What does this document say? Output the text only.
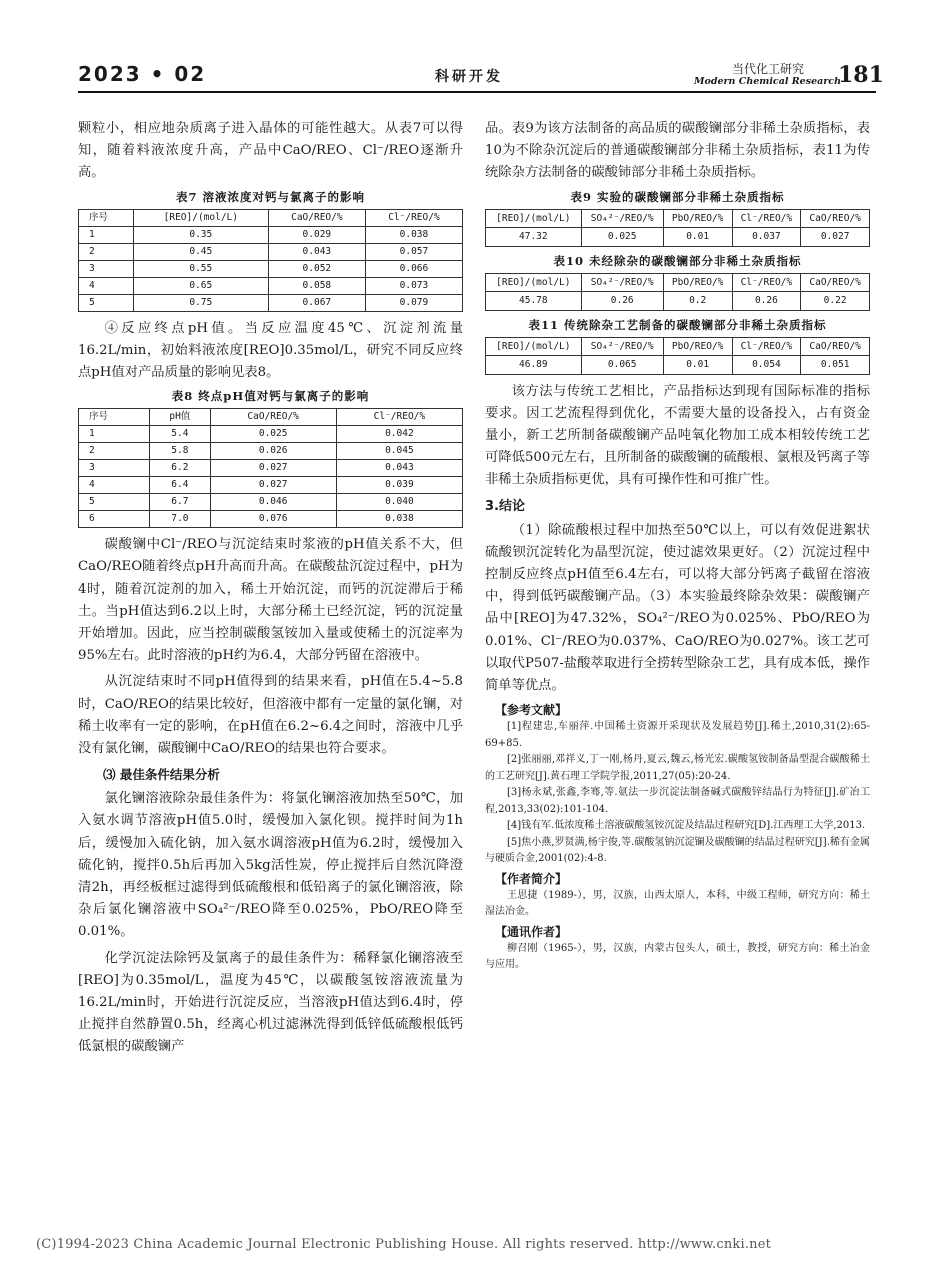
2023 • 02	科研开发	当代化工研究
Modern Chemical Research
181

颗粒小，相应地杂质离子进入晶体的可能性越大。从表7可以得知，随着料液浓度升高，产品中CaO/REO、Cl⁻/REO逐渐升高。

表7 溶液浓度对钙与氯离子的影响
序号	[REO]/(mol/L)	CaO/REO/%	Cl⁻/REO/%
1	0.35	0.029	0.038
2	0.45	0.043	0.057
3	0.55	0.052	0.066
4	0.65	0.058	0.073
5	0.75	0.067	0.079

④反应终点pH值。当反应温度45℃、沉淀剂流量16.2L/min，初始料液浓度[REO]0.35mol/L，研究不同反应终点pH值对产品质量的影响见表8。

表8 终点pH值对钙与氯离子的影响
序号	pH值	CaO/REO/%	Cl⁻/REO/%
1	5.4	0.025	0.042
2	5.8	0.026	0.045
3	6.2	0.027	0.043
4	6.4	0.027	0.039
5	6.7	0.046	0.040
6	7.0	0.076	0.038

碳酸镧中Cl⁻/REO与沉淀结束时浆液的pH值关系不大，但CaO/REO随着终点pH升高而升高。在碳酸盐沉淀过程中，pH为4时，随着沉淀剂的加入，稀土开始沉淀，而钙的沉淀滞后于稀土。当pH值达到6.2以上时，大部分稀土已经沉淀，钙的沉淀量开始增加。因此，应当控制碳酸氢铵加入量或使稀土的沉淀率为95%左右。此时溶液的pH约为6.4，大部分钙留在溶液中。

从沉淀结束时不同pH值得到的结果来看，pH值在5.4~5.8时，CaO/REO的结果比较好，但溶液中都有一定量的氯化镧，对稀土收率有一定的影响，在pH值在6.2~6.4之间时，溶液中几乎没有氯化镧，碳酸镧中CaO/REO的结果也符合要求。

⑶ 最佳条件结果分析

氯化镧溶液除杂最佳条件为：将氯化镧溶液加热至50℃，加入氨水调节溶液pH值5.0时，缓慢加入氯化钡。搅拌时间为1h后，缓慢加入硫化钠，加入氨水调溶液pH值为6.2时，缓慢加入硫化钠，搅拌0.5h后再加入5kg活性炭，停止搅拌后自然沉降澄清2h，再经板框过滤得到低硫酸根和低铅离子的氯化镧溶液，除杂后氯化镧溶液中SO₄²⁻/REO降至0.025%，PbO/REO降至0.01%。

化学沉淀法除钙及氯离子的最佳条件为：稀释氯化镧溶液至[REO]为0.35mol/L，温度为45℃，以碳酸氢铵溶液流量为16.2L/min时，开始进行沉淀反应，当溶液pH值达到6.4时，停止搅拌自然静置0.5h，经离心机过滤淋洗得到低锌低硫酸根低钙低氯根的碳酸镧产

品。表9为该方法制备的高品质的碳酸镧部分非稀土杂质指标，表10为不除杂沉淀后的普通碳酸镧部分非稀土杂质指标，表11为传统除杂方法制备的碳酸铈部分非稀土杂质指标。

表9 实验的碳酸镧部分非稀土杂质指标
[REO]/(mol/L)	SO₄²⁻/REO/%	PbO/REO/%	Cl⁻/REO/%	CaO/REO/%
47.32	0.025	0.01	0.037	0.027
表10 未经除杂的碳酸镧部分非稀土杂质指标
[REO]/(mol/L)	SO₄²⁻/REO/%	PbO/REO/%	Cl⁻/REO/%	CaO/REO/%
45.78	0.26	0.2	0.26	0.22
表11 传统除杂工艺制备的碳酸镧部分非稀土杂质指标
[REO]/(mol/L)	SO₄²⁻/REO/%	PbO/REO/%	Cl⁻/REO/%	CaO/REO/%
46.89	0.065	0.01	0.054	0.051

该方法与传统工艺相比，产品指标达到现有国际标准的指标要求。因工艺流程得到优化，不需要大量的设备投入，占有资金量小，新工艺所制备碳酸镧产品吨氧化物加工成本相较传统工艺可降低500元左右，且所制备的碳酸镧的硫酸根、氯根及钙离子等非稀土杂质指标更优，具有可操作性和可推广性。

3.结论

（1）除硫酸根过程中加热至50℃以上，可以有效促进絮状硫酸钡沉淀转化为晶型沉淀，使过滤效果更好。（2）沉淀过程中控制反应终点pH值至6.4左右，可以将大部分钙离子截留在溶液中，得到低钙碳酸镧产品。（3）本实验最终除杂效果：碳酸镧产品中[REO]为47.32%，SO₄²⁻/REO为0.025%、PbO/REO为0.01%、Cl⁻/REO为0.037%、CaO/REO为0.027%。该工艺可以取代P507-盐酸萃取进行全捞转型除杂工艺，具有成本低，操作简单等优点。

【参考文献】

[1]程建忠,车丽萍.中国稀土资源开采现状及发展趋势[J].稀土,2010,31(2):65-69+85.

[2]张丽丽,邓祥义,丁一刚,杨丹,夏云,魏云,杨光宏.碳酸氢铵制备晶型混合碳酸稀土的工艺研究[J].黄石理工学院学报,2011,27(05):20-24.

[3]杨永斌,张鑫,李骞,等.氨法一步沉淀法制备碱式碳酸锌结晶行为特征[J].矿冶工程,2013,33(02):101-104.

[4]钱有军.低浓度稀土溶液碳酸氢铵沉淀及结晶过程研究[D].江西理工大学,2013.

[5]焦小燕,罗贤满,杨宇俊,等.碳酸氢钠沉淀镧及碳酸镧的结晶过程研究[J].稀有金属与硬质合金,2001(02):4-8.

【作者简介】

王思捷（1989-），男，汉族，山西太原人，本科，中级工程师，研究方向：稀土湿法冶金。

【通讯作者】

柳召刚（1965-），男，汉族，内蒙古包头人，硕士，教授，研究方向：稀土冶金与应用。

(C)1994-2023 China Academic Journal Electronic Publishing House. All rights reserved. http://www.cnki.net
